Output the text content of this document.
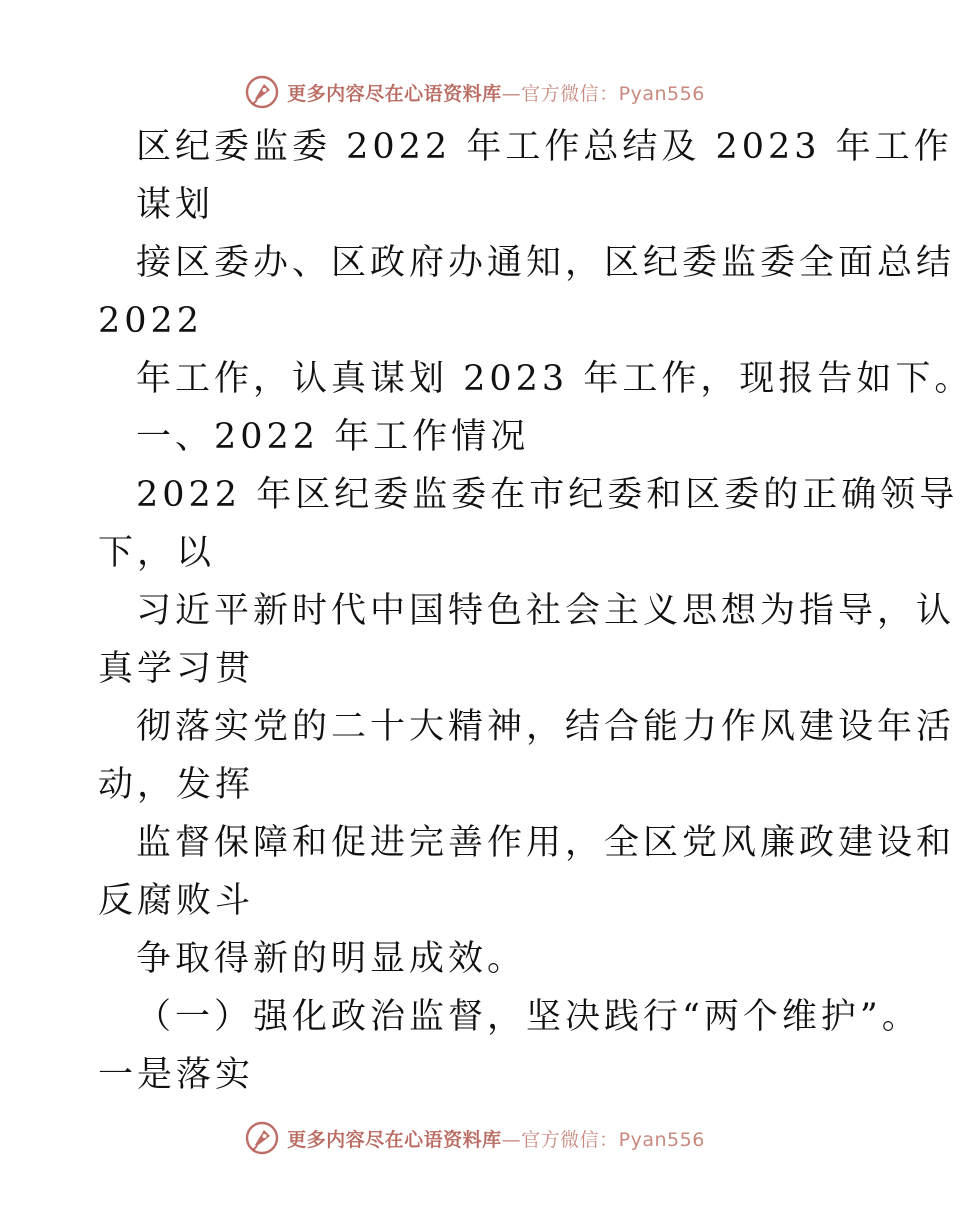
更多内容尽在心语资料库—官方微信：Pyan556
区纪委监委 2022 年工作总结及 2023 年工作
谋划
接区委办、区政府办通知，区纪委监委全面总结
2022
年工作，认真谋划 2023 年工作，现报告如下。
一、2022 年工作情况
2022 年区纪委监委在市纪委和区委的正确领导
下，以
习近平新时代中国特色社会主义思想为指导，认
真学习贯
彻落实党的二十大精神，结合能力作风建设年活
动，发挥
监督保障和促进完善作用，全区党风廉政建设和
反腐败斗
争取得新的明显成效。
（一）强化政治监督，坚决践行“两个维护”。
一是落实
更多内容尽在心语资料库—官方微信：Pyan556
